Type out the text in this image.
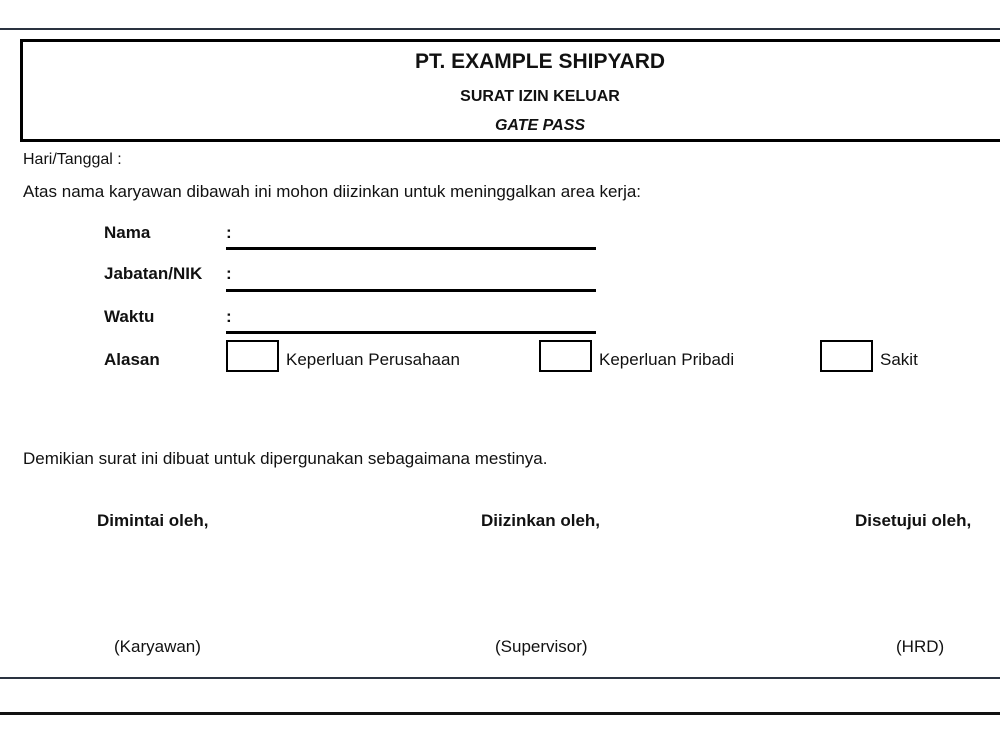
PT. EXAMPLE SHIPYARD
SURAT IZIN KELUAR
GATE PASS
Hari/Tanggal :
Atas nama karyawan dibawah ini mohon diizinkan untuk meninggalkan area kerja:
Nama	:
Jabatan/NIK :
Waktu	:
Alasan	Keperluan Perusahaan	Keperluan Pribadi	Sakit
Demikian surat ini dibuat untuk dipergunakan sebagaimana mestinya.
Dimintai oleh,	Diizinkan oleh,	Disetujui oleh,
(Karyawan)	(Supervisor)	(HRD)
